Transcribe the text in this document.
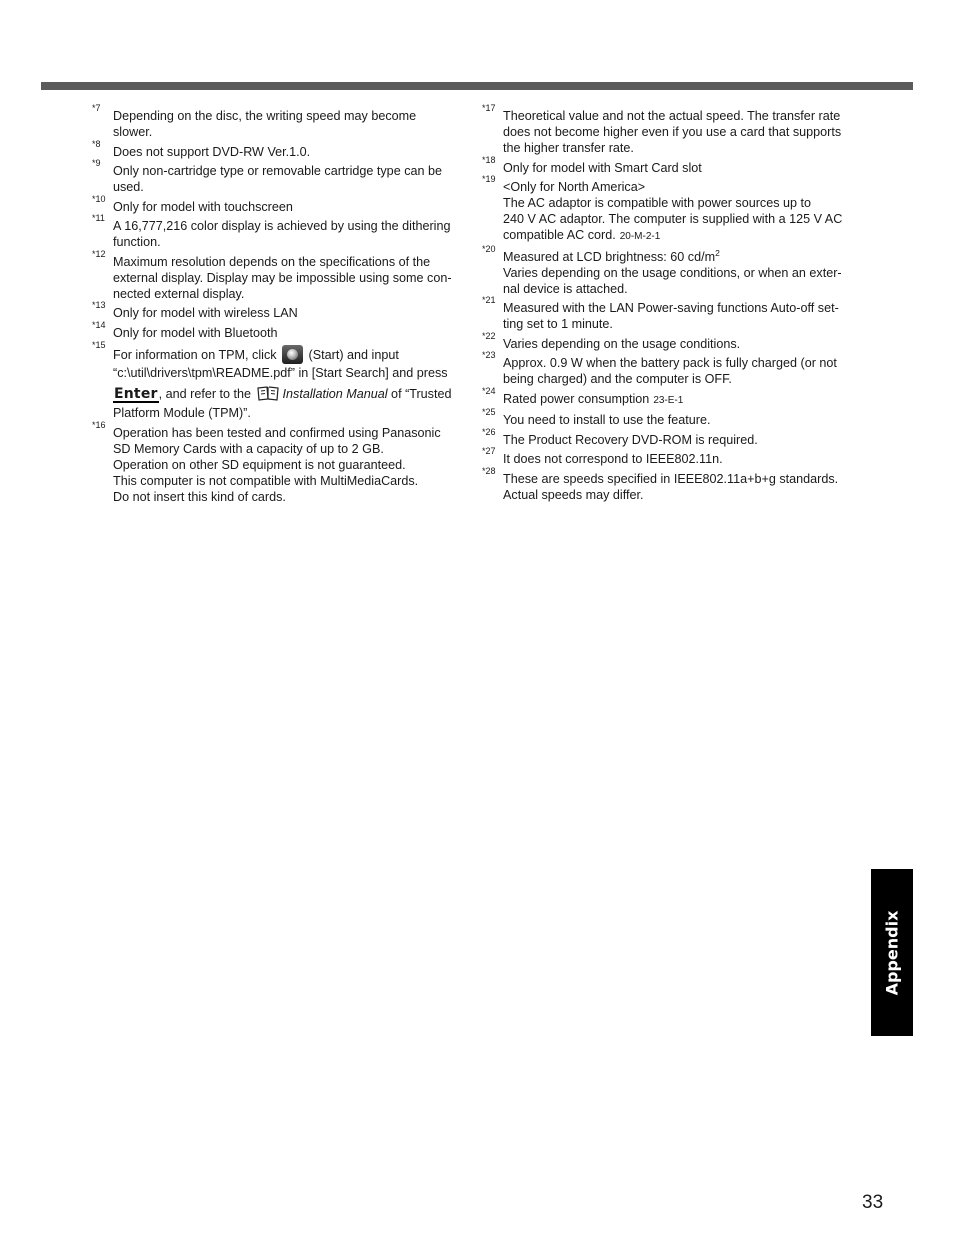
*7
Depending on the disc, the writing speed may become
slower.
*8
Does not support DVD-RW Ver.1.0.
*9
Only non-cartridge type or removable cartridge type can be
used.
*10
Only for model with touchscreen
*11
A 16,777,216 color display is achieved by using the dithering
function.
*12
Maximum resolution depends on the specifications of the
external display. Display may be impossible using some con-
nected external display.
*13
Only for model with wireless LAN
*14
Only for model with Bluetooth
*15
For information on TPM, click	(Start) and input
“c:\util\drivers\tpm\README.pdf” in [Start Search] and press
Enter, and refer to the	Installation Manual of “Trusted
Platform Module (TPM)”.
*16
Operation has been tested and confirmed using Panasonic
SD Memory Cards with a capacity of up to 2 GB.
Operation on other SD equipment is not guaranteed.
This computer is not compatible with MultiMediaCards.
Do not insert this kind of cards.
*17
Theoretical value and not the actual speed. The transfer rate
does not become higher even if you use a card that supports
the higher transfer rate.
*18
Only for model with Smart Card slot
*19
<Only for North America>
The AC adaptor is compatible with power sources up to
240 V AC adaptor. The computer is supplied with a 125 V AC
compatible AC cord. 20-M-2-1
*20
Measured at LCD brightness: 60 $cd/m^2$
Varies depending on the usage conditions, or when an exter-
nal device is attached.
*21
Measured with the LAN Power-saving functions Auto-off set-
ting set to 1 minute.
*22
Varies depending on the usage conditions.
*23
Approx. 0.9 W when the battery pack is fully charged (or not
being charged) and the computer is OFF.
*24
Rated power consumption 23-E-1
*25
You need to install to use the feature.
*26
The Product Recovery DVD-ROM is required.
*27
It does not correspond to IEEE802.11n.
*28
These are speeds specified in IEEE802.11a+b+g standards.
Actual speeds may differ.
Appendix
33
